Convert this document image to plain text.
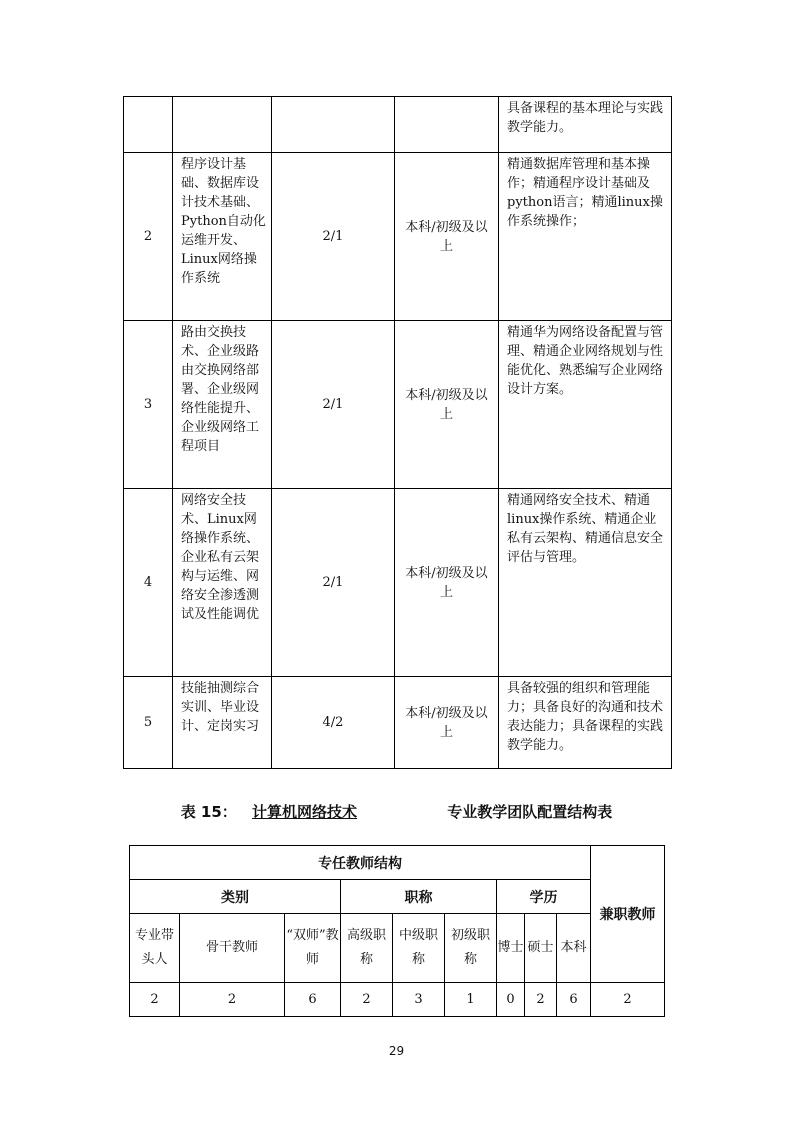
				具备课程的基本理论与实践教学能力。
2	程序设计基础、数据库设计技术基础、Python自动化运维开发、Linux网络操作系统	2/1	本科/初级及以上	精通数据库管理和基本操作；精通程序设计基础及python语言；精通linux操作系统操作；
3	路由交换技术、企业级路由交换网络部署、企业级网络性能提升、企业级网络工程项目	2/1	本科/初级及以上	精通华为网络设备配置与管理、精通企业网络规划与性能优化、熟悉编写企业网络设计方案。
4	网络安全技术、Linux网络操作系统、企业私有云架构与运维、网络安全渗透测试及性能调优	2/1	本科/初级及以上	精通网络安全技术、精通linux操作系统、精通企业私有云架构、精通信息安全评估与管理。
5	技能抽测综合实训、毕业设计、定岗实习	4/2	本科/初级及以上	具备较强的组织和管理能力；具备良好的沟通和技术表达能力；具备课程的实践教学能力。
表 15： 计算机网络技术	专业教学团队配置结构表
专任教师结构									兼职教师
类别			职称			学历			
专业带头人	骨干教师	“双师”教师	高级职称	中级职称	初级职称	博士	硕士	本科	
2	2	6	2	3	1	0	2	6	2
29
